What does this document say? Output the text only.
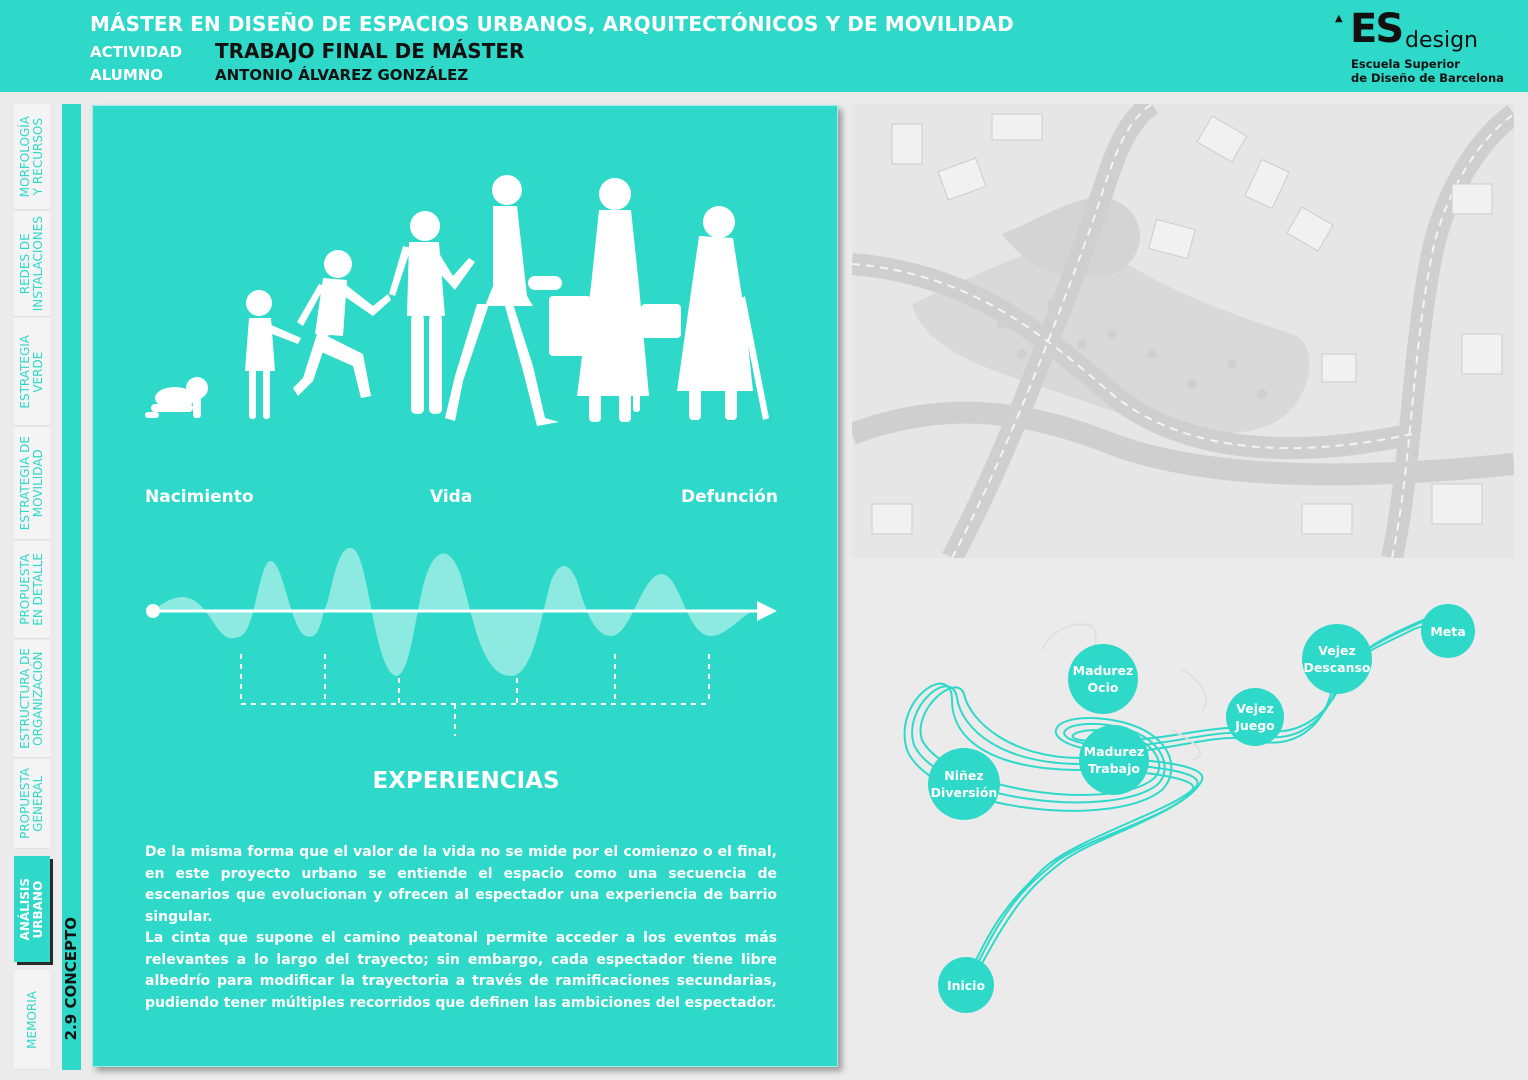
MÁSTER EN DISEÑO DE ESPACIOS URBANOS, ARQUITECTÓNICOS Y DE MOVILIDAD
ACTIVIDAD TRABAJO FINAL DE MÁSTER
ALUMNO	ANTONIO ÁLVAREZ GONZÁLEZ
▲ ES design
Escuela Superior
de Diseño de Barcelona
MORFOLOGÍA
Y RECURSOS
REDES DE
INSTALACIONES
ESTRATEGIA
VERDE
ESTRATEGIA DE
MOVILIDAD
PROPUESTA
EN DETALLE
ESTRUCTURA DE
ORGANIZACIÓN
PROPUESTA
GENERAL
ANÁLISIS
URBANO
MEMORIA 2.9 CONCEPTO
Nacimiento	Vida	Defunción
EXPERIENCIAS
De la misma forma que el valor de la vida no se mide por el comienzo o el final, en este proyecto urbano se entiende el espacio como una secuencia de escenarios que evolucionan y ofrecen al espectador una experiencia de barrio singular.
La cinta que supone el camino peatonal permite acceder a los eventos más relevantes a lo largo del trayecto; sin embargo, cada espectador tiene libre albedrío para modificar la trayectoria a través de ramificaciones secundarias, pudiendo tener múltiples recorridos que definen las ambiciones del espectador.
Inicio
Niñez
Diversión
Madurez
Trabajo
Madurez
Ocio
Vejez
Juego
Vejez
Descanso
Meta
